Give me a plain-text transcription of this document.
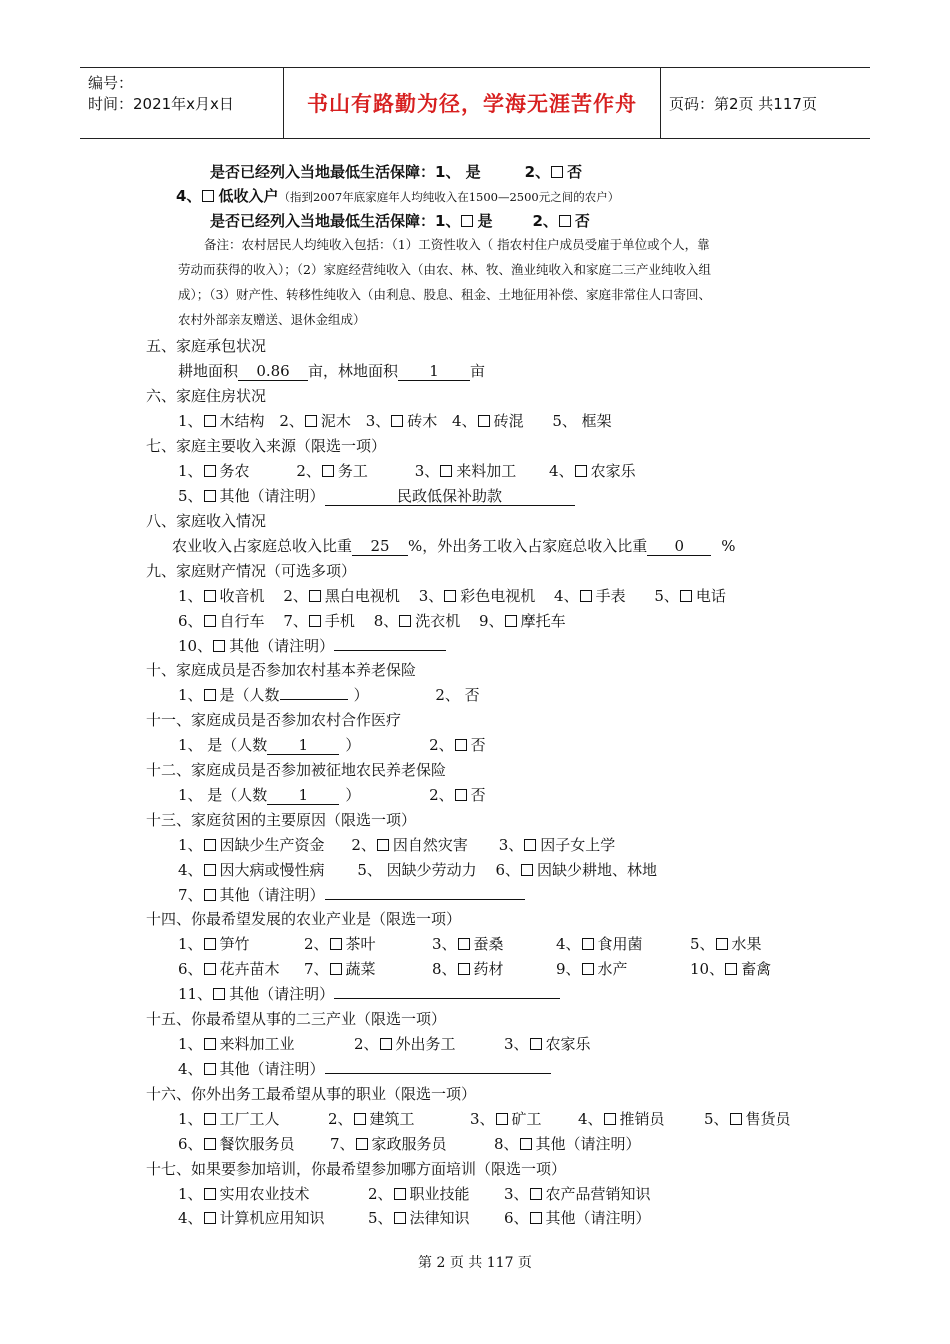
编号：
时间：2021年x月x日	书山有路勤为径，学海无涯苦作舟 页码：第2页 共117页
是否已经列入当地最低生活保障：1、 是	2、 否
4、 低收入户（指到2007年底家庭年人均纯收入在1500—2500元之间的农户）
是否已经列入当地最低生活保障：1、 是	2、 否
备注：农村居民人均纯收入包括：（1）工资性收入（ 指农村住户成员受雇于单位或个人，靠
劳动而获得的收入）；（2）家庭经营纯收入（由农、林、牧、渔业纯收入和家庭二三产业纯收入组
成）；（3）财产性、转移性纯收入（由利息、股息、租金、土地征用补偿、家庭非常住人口寄回、
农村外部亲友赠送、退休金组成）
五、家庭承包状况
耕地面积 0.86 亩，林地面积 1 亩
六、家庭住房状况
1、 木结构 2、 泥木 3、 砖木 4、 砖混 5、 框架
七、家庭主要收入来源（限选一项）
1、 务农	2、 务工	3、 来料加工 4、 农家乐
5、 其他（请注明）	民政低保补助款
八、家庭收入情况
农业收入占家庭总收入比重 25 %，外出务工收入占家庭总收入比重 0 %
九、家庭财产情况（可选多项）
1、 收音机 2、 黑白电视机 3、 彩色电视机 4、 手表 5、 电话
6、 自行车 7、 手机 8、 洗衣机 9、 摩托车
10、 其他（请注明）
十、家庭成员是否参加农村基本养老保险
1、 是（人数	）	2、 否
十一、家庭成员是否参加农村合作医疗
1、 是（人数 1 ）	2、 否
十二、家庭成员是否参加被征地农民养老保险
1、 是（人数 1 ）	2、 否
十三、家庭贫困的主要原因（限选一项）
1、 因缺少生产资金 2、 因自然灾害 3、 因子女上学
4、 因大病或慢性病 5、 因缺少劳动力 6、 因缺少耕地、林地
7、 其他（请注明）
十四、你最希望发展的农业产业是（限选一项）
1、 笋竹	2、 茶叶	3、 蚕桑	4、 食用菌	5、 水果
6、 花卉苗木 7、 蔬菜	8、 药材	9、 水产	10、 畜禽
11、 其他（请注明）
十五、你最希望从事的二三产业（限选一项）
1、 来料加工业	2、 外出务工	3、 农家乐
4、 其他（请注明）
十六、你外出务工最希望从事的职业（限选一项）
1、 工厂工人	2、 建筑工	3、 矿工 4、 推销员	5、 售货员
6、 餐饮服务员 7、 家政服务员	8、 其他（请注明）
十七、如果要参加培训，你最希望参加哪方面培训（限选一项）
1、 实用农业技术	2、 职业技能 3、 农产品营销知识
4、 计算机应用知识	5、 法律知识 6、 其他（请注明）
第 2 页 共 117 页
